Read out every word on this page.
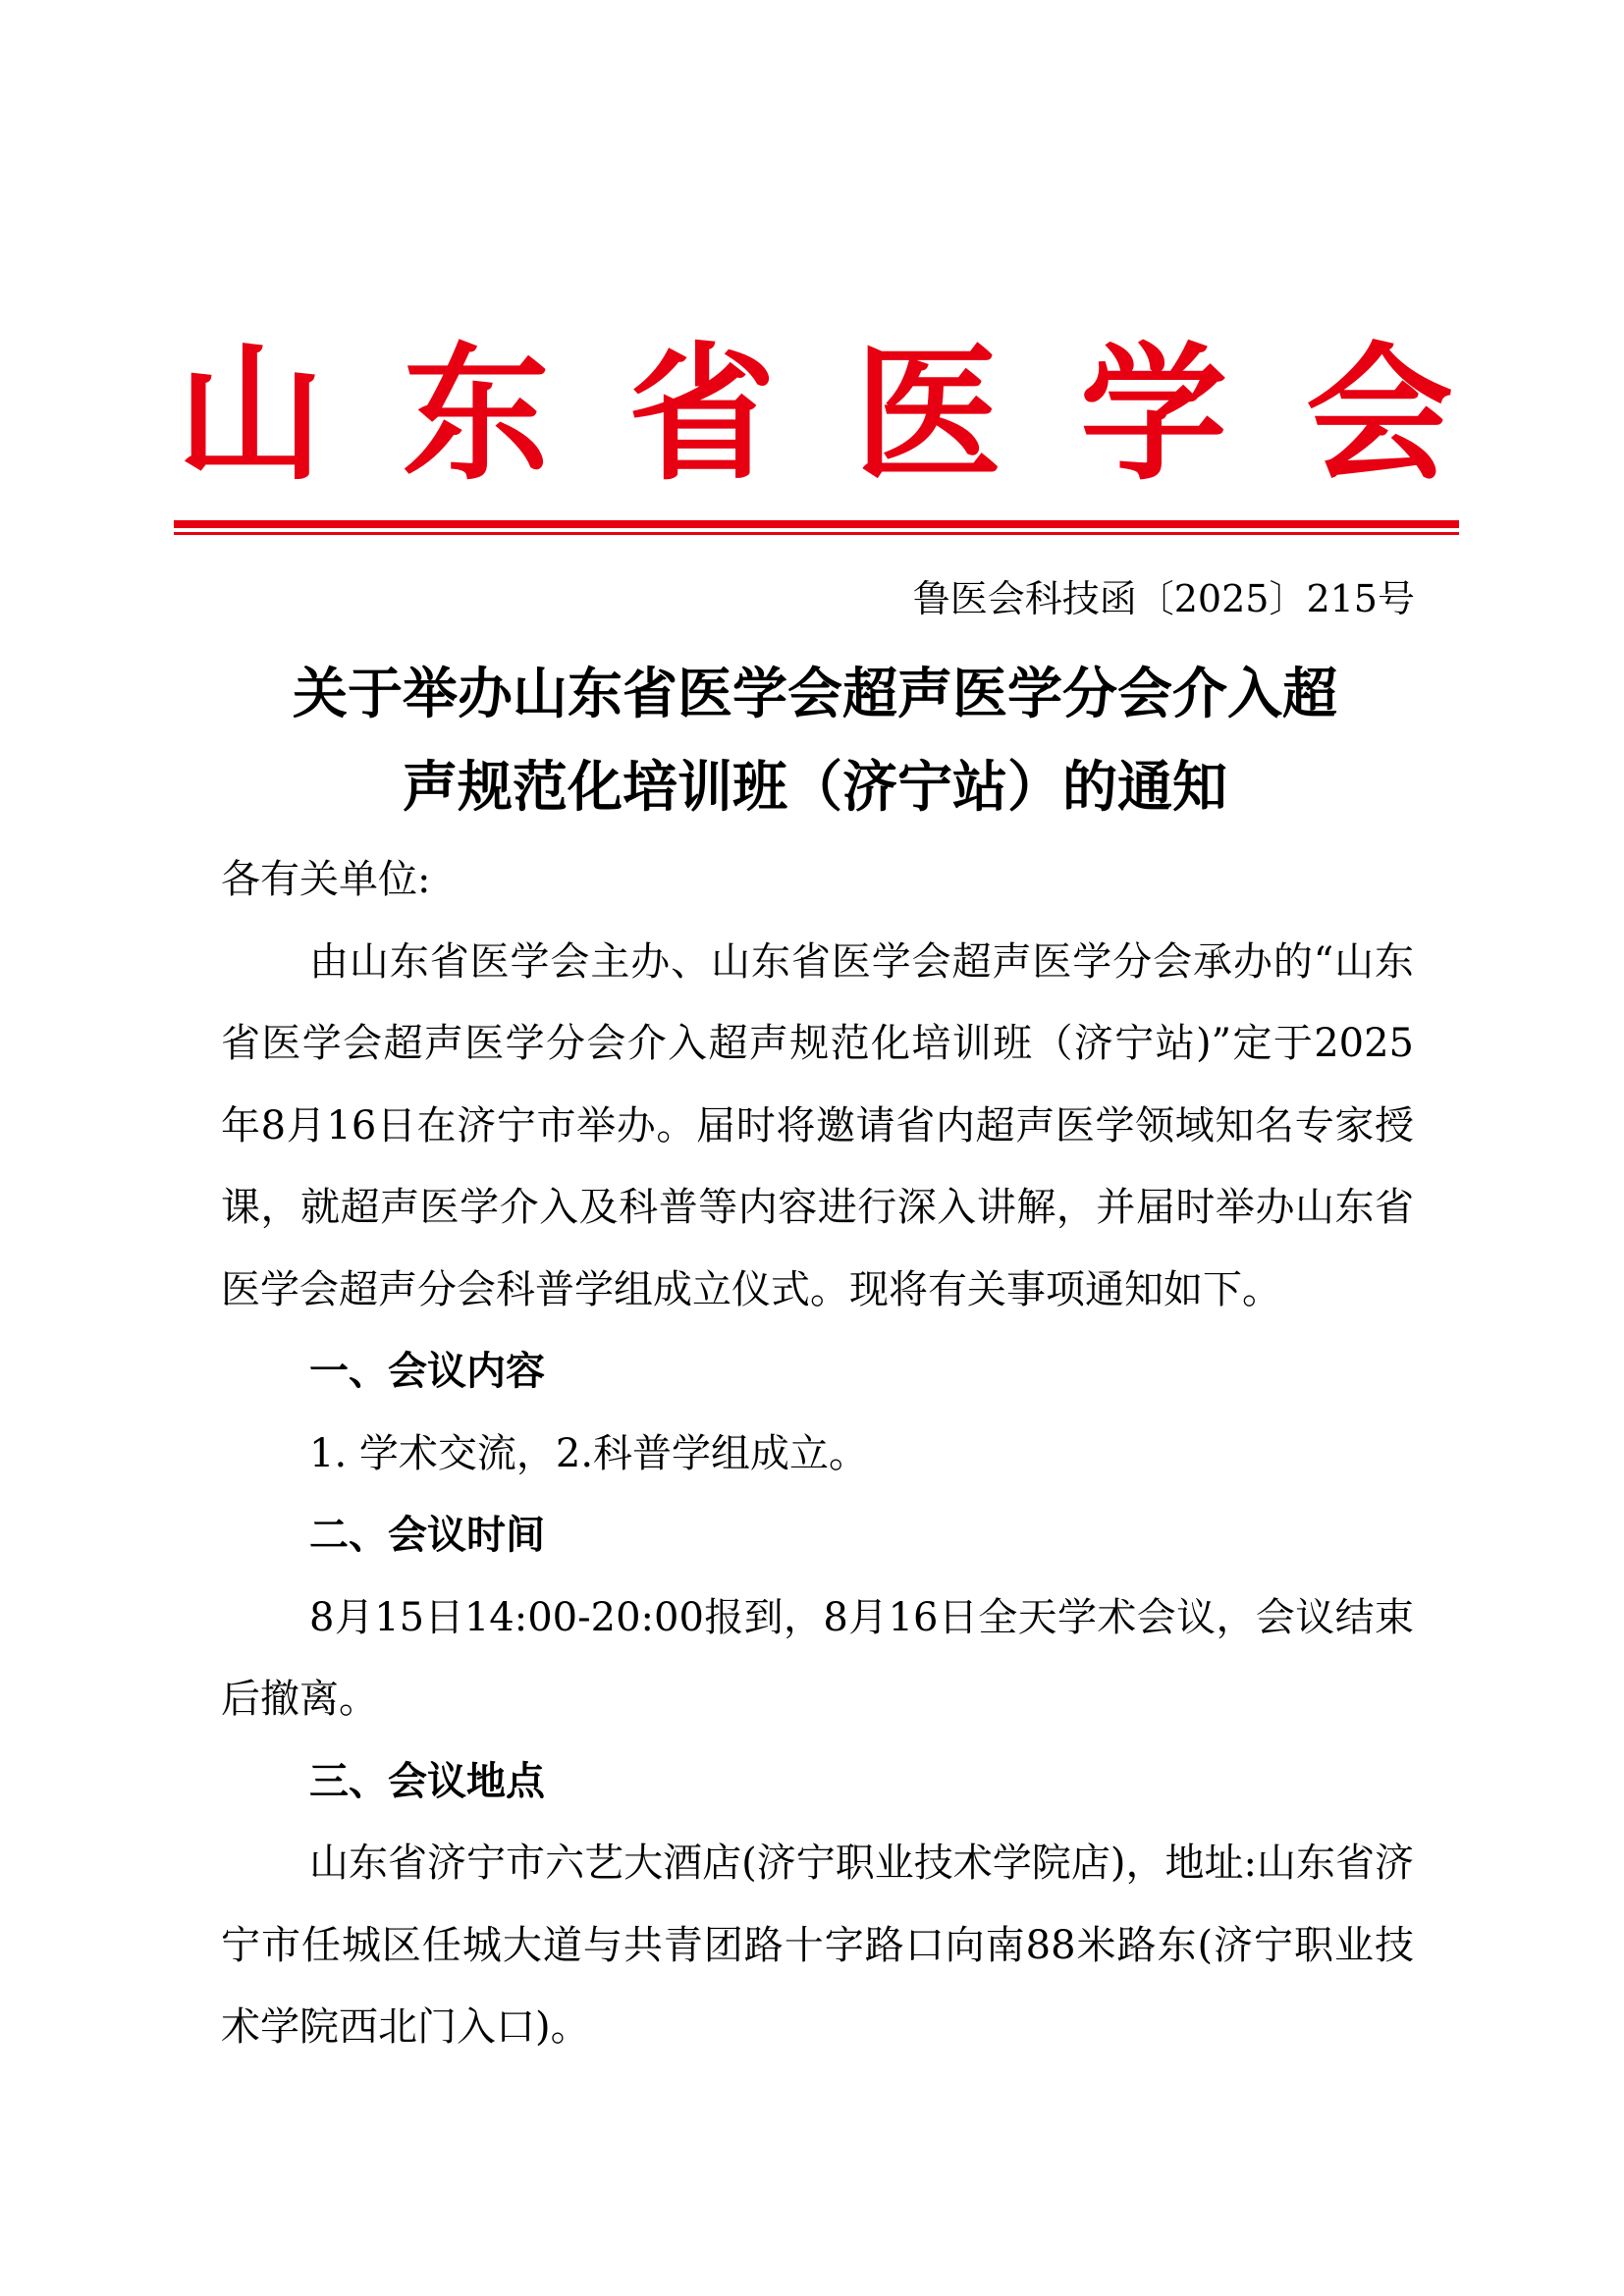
山 东 省 医 学 会
鲁医会科技函〔2025〕215号
关于举办山东省医学会超声医学分会介入超
声规范化培训班（济宁站）的通知

各有关单位:

由山东省医学会主办、山东省医学会超声医学分会承办的“山东省医学会超声医学分会介入超声规范化培训班（济宁站)”定于2025年8月16日在济宁市举办。届时将邀请省内超声医学领域知名专家授课，就超声医学介入及科普等内容进行深入讲解，并届时举办山东省医学会超声分会科普学组成立仪式。现将有关事项通知如下。

一、会议内容

1. 学术交流，2.科普学组成立。

二、会议时间

8月15日14:00-20:00报到，8月16日全天学术会议，会议结束后撤离。

三、会议地点

山东省济宁市六艺大酒店(济宁职业技术学院店)，地址:山东省济宁市任城区任城大道与共青团路十字路口向南88米路东(济宁职业技术学院西北门入口)。
